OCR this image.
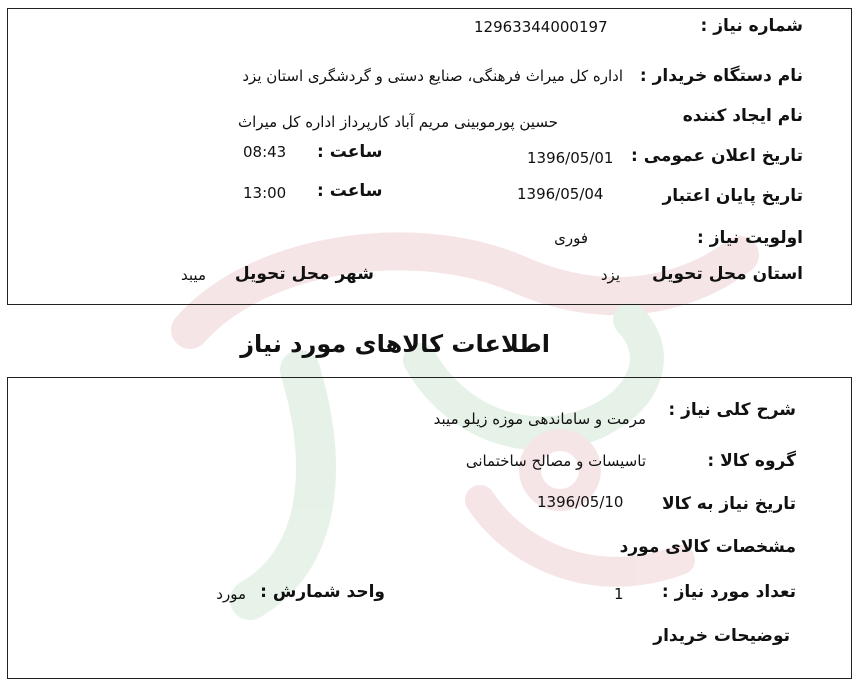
شماره نیاز :
12963344000197
نام دستگاه خریدار :
اداره کل میراث فرهنگی، صنایع دستی و گردشگری استان یزد
نام ایجاد کننده
حسین پورموبینی مریم آباد کارپرداز اداره کل میراث
تاریخ اعلان عمومی :
1396/05/01
ساعت :
08:43
تاریخ پایان اعتبار
1396/05/04
ساعت :
13:00
اولویت نیاز :
فوری
استان محل تحویل
یزد
شهر محل تحویل
میبد
اطلاعات کالاهای مورد نیاز
شرح کلی نیاز :
مرمت و ساماندهی موزه زیلو میبد
گروه کالا :
تاسیسات و مصالح ساختمانی
تاریخ نیاز به کالا
1396/05/10
مشخصات کالای مورد
تعداد مورد نیاز :
1
واحد شمارش :
مورد
توضیحات خریدار
